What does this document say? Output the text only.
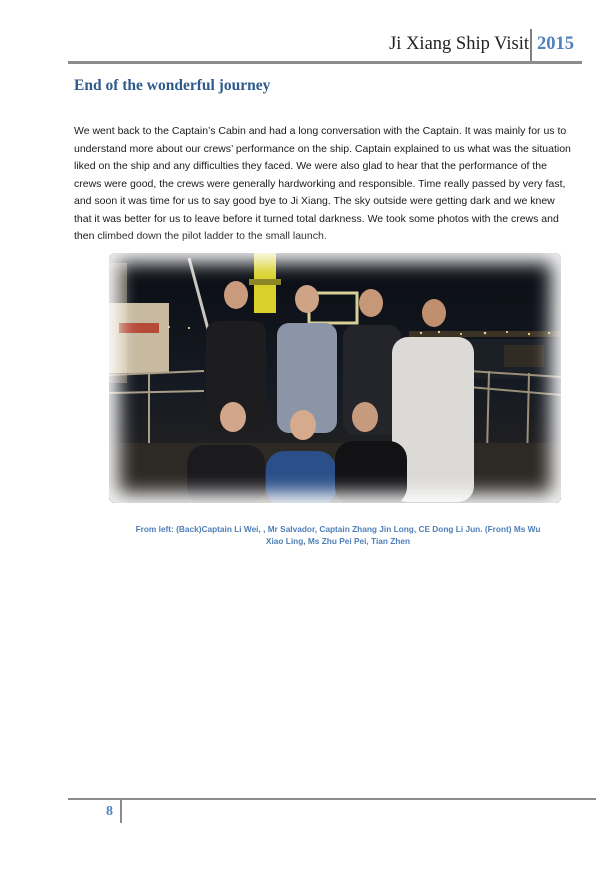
Ji Xiang Ship Visit 2015
End of the wonderful journey

We went back to the Captain’s Cabin and had a long conversation with the Captain. It was mainly for us to understand more about our crews’ performance on the ship. Captain explained to us what was the situation liked on the ship and any difficulties they faced. We were also glad to hear that the performance of the crews were good, the crews were generally hardworking and responsible. Time really passed by very fast, and soon it was time for us to say good bye to Ji Xiang. The sky outside were getting dark and we knew that it was better for us to leave before it turned total darkness. We took some photos with the crews and then climbed down the pilot ladder to the small launch.

From left: (Back)Captain Li Wei, , Mr Salvador, Captain Zhang Jin Long, CE Dong Li Jun. (Front) Ms Wu Xiao Ling, Ms Zhu Pei Pei, Tian Zhen

8
